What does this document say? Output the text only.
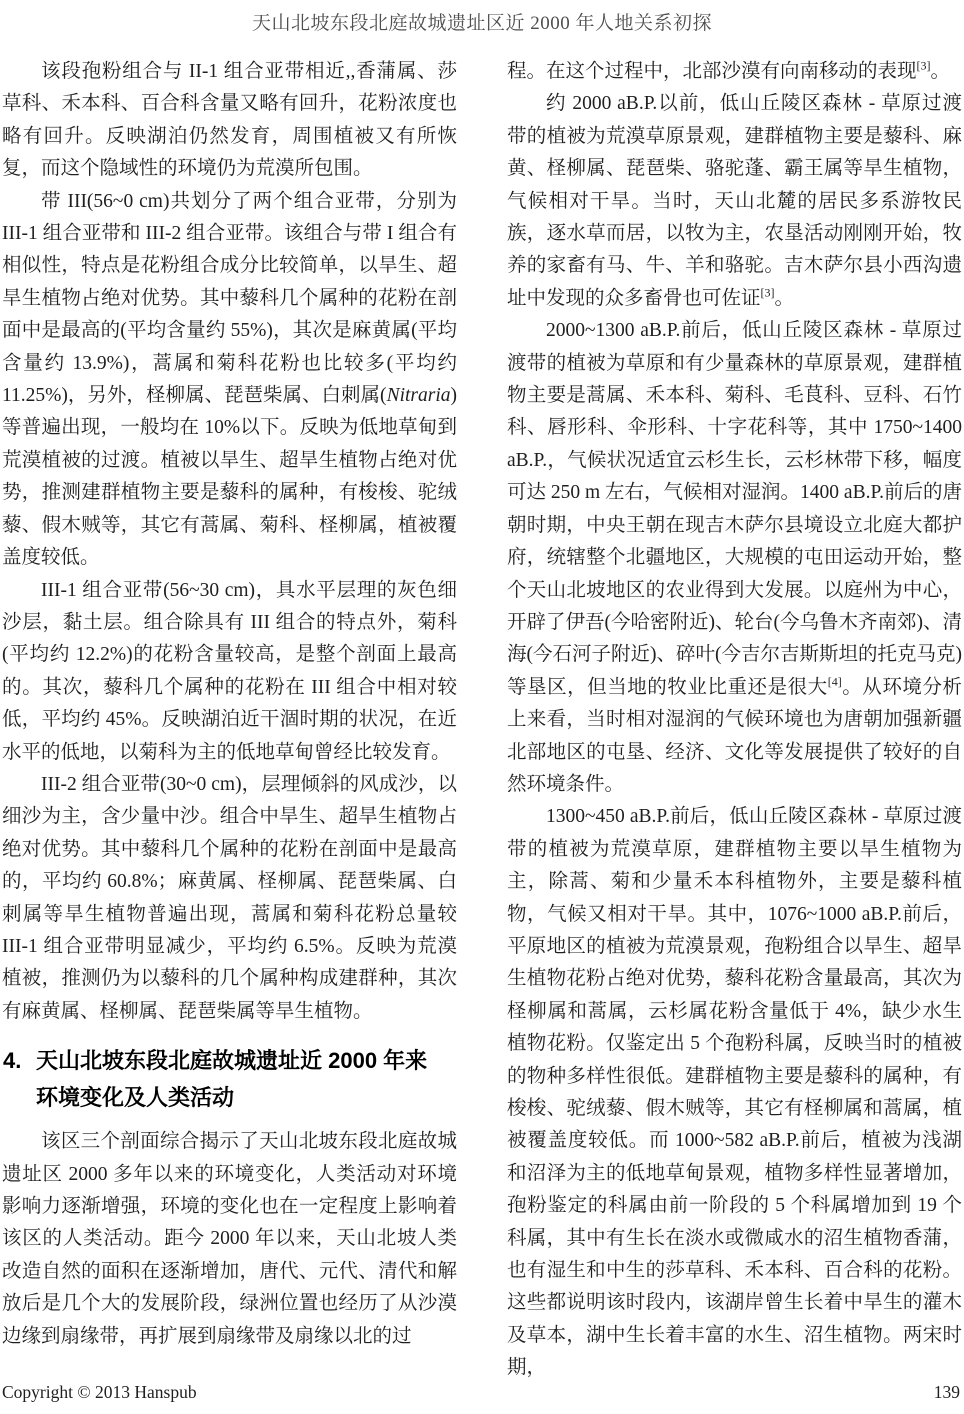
天山北坡东段北庭故城遗址区近 2000 年人地关系初探

该段孢粉组合与 II-1 组合亚带相近,,香蒲属、莎草科、禾本科、百合科含量又略有回升，花粉浓度也略有回升。反映湖泊仍然发育，周围植被又有所恢复，而这个隐域性的环境仍为荒漠所包围。

带 III(56~0 cm)共划分了两个组合亚带，分别为 III-1 组合亚带和 III-2 组合亚带。该组合与带 I 组合有相似性，特点是花粉组合成分比较简单，以旱生、超旱生植物占绝对优势。其中藜科几个属种的花粉在剖面中是最高的(平均含量约 55%)，其次是麻黄属(平均含量约 13.9%)，蒿属和菊科花粉也比较多(平均约 11.25%)，另外，柽柳属、琵琶柴属、白刺属(Nitraria)等普遍出现，一般均在 10%以下。反映为低地草甸到荒漠植被的过渡。植被以旱生、超旱生植物占绝对优势，推测建群植物主要是藜科的属种，有梭梭、驼绒藜、假木贼等，其它有蒿属、菊科、柽柳属，植被覆盖度较低。

III-1 组合亚带(56~30 cm)，具水平层理的灰色细沙层，黏土层。组合除具有 III 组合的特点外，菊科(平均约 12.2%)的花粉含量较高，是整个剖面上最高的。其次，藜科几个属种的花粉在 III 组合中相对较低，平均约 45%。反映湖泊近干涸时期的状况，在近水平的低地，以菊科为主的低地草甸曾经比较发育。

III-2 组合亚带(30~0 cm)，层理倾斜的风成沙，以细沙为主，含少量中沙。组合中旱生、超旱生植物占绝对优势。其中藜科几个属种的花粉在剖面中是最高的，平均约 60.8%；麻黄属、柽柳属、琵琶柴属、白刺属等旱生植物普遍出现，蒿属和菊科花粉总量较 III-1 组合亚带明显减少，平均约 6.5%。反映为荒漠植被，推测仍为以藜科的几个属种构成建群种，其次有麻黄属、柽柳属、琵琶柴属等旱生植物。

4. 天山北坡东段北庭故城遗址近 2000 年来
环境变化及人类活动

该区三个剖面综合揭示了天山北坡东段北庭故城遗址区 2000 多年以来的环境变化，人类活动对环境影响力逐渐增强，环境的变化也在一定程度上影响着该区的人类活动。距今 2000 年以来，天山北坡人类改造自然的面积在逐渐增加，唐代、元代、清代和解放后是几个大的发展阶段，绿洲位置也经历了从沙漠边缘到扇缘带，再扩展到扇缘带及扇缘以北的过

程。在这个过程中，北部沙漠有向南移动的表现[3]。

约 2000 aB.P.以前，低山丘陵区森林 - 草原过渡带的植被为荒漠草原景观，建群植物主要是藜科、麻黄、柽柳属、琵琶柴、骆驼蓬、霸王属等旱生植物，气候相对干旱。当时，天山北麓的居民多系游牧民族，逐水草而居，以牧为主，农垦活动刚刚开始，牧养的家畜有马、牛、羊和骆驼。吉木萨尔县小西沟遗址中发现的众多畜骨也可佐证[3]。

2000~1300 aB.P.前后，低山丘陵区森林 - 草原过渡带的植被为草原和有少量森林的草原景观，建群植物主要是蒿属、禾本科、菊科、毛茛科、豆科、石竹科、唇形科、伞形科、十字花科等，其中 1750~1400 aB.P.，气候状况适宜云杉生长，云杉林带下移，幅度可达 250 m 左右，气候相对湿润。1400 aB.P.前后的唐朝时期，中央王朝在现吉木萨尔县境设立北庭大都护府，统辖整个北疆地区，大规模的屯田运动开始，整个天山北坡地区的农业得到大发展。以庭州为中心，开辟了伊吾(今哈密附近)、轮台(今乌鲁木齐南郊)、清海(今石河子附近)、碎叶(今吉尔吉斯斯坦的托克马克)等垦区，但当地的牧业比重还是很大[4]。从环境分析上来看，当时相对湿润的气候环境也为唐朝加强新疆北部地区的屯垦、经济、文化等发展提供了较好的自然环境条件。

1300~450 aB.P.前后，低山丘陵区森林 - 草原过渡带的植被为荒漠草原，建群植物主要以旱生植物为主，除蒿、菊和少量禾本科植物外，主要是藜科植物，气候又相对干旱。其中，1076~1000 aB.P.前后，平原地区的植被为荒漠景观，孢粉组合以旱生、超旱生植物花粉占绝对优势，藜科花粉含量最高，其次为柽柳属和蒿属，云杉属花粉含量低于 4%，缺少水生植物花粉。仅鉴定出 5 个孢粉科属，反映当时的植被的物种多样性很低。建群植物主要是藜科的属种，有梭梭、驼绒藜、假木贼等，其它有柽柳属和蒿属，植被覆盖度较低。而 1000~582 aB.P.前后，植被为浅湖和沼泽为主的低地草甸景观，植物多样性显著增加，孢粉鉴定的科属由前一阶段的 5 个科属增加到 19 个科属，其中有生长在淡水或微咸水的沼生植物香蒲，也有湿生和中生的莎草科、禾本科、百合科的花粉。这些都说明该时段内，该湖岸曾生长着中旱生的灌木及草本，湖中生长着丰富的水生、沼生植物。两宋时期，

Copyright © 2013 Hanspub	139
